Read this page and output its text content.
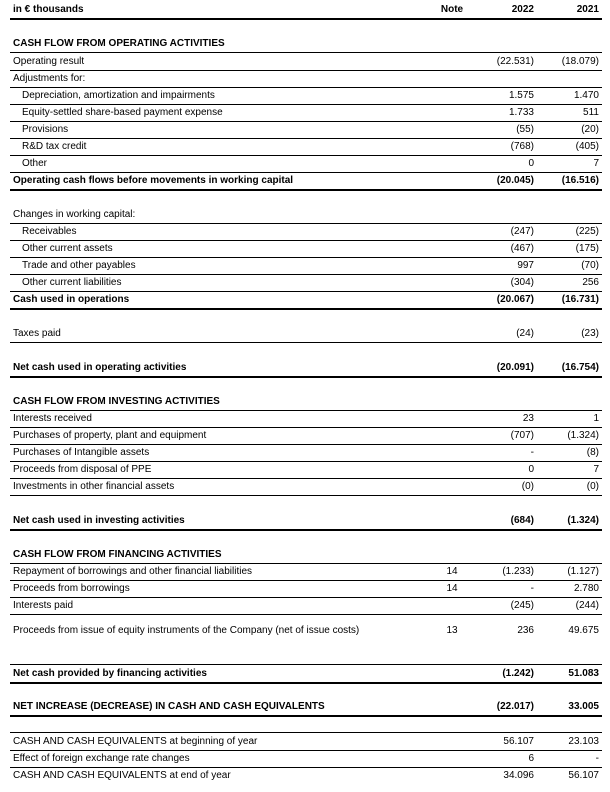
in € thousands	Note	2022	2021
CASH FLOW FROM OPERATING ACTIVITIES
Operating result	(22.531)	(18.079)
Adjustments for:
Depreciation, amortization and impairments	1.575	1.470
Equity-settled share-based payment expense	1.733	511
Provisions	(55)	(20)
R&D tax credit	(768)	(405)
Other	0	7
Operating cash flows before movements in working capital	(20.045)	(16.516)
Changes in working capital:
Receivables	(247)	(225)
Other current assets	(467)	(175)
Trade and other payables	997	(70)
Other current liabilities	(304)	256
Cash used in operations	(20.067)	(16.731)
Taxes paid	(24)	(23)
Net cash used in operating activities	(20.091)	(16.754)
CASH FLOW FROM INVESTING ACTIVITIES
Interests received	23	1
Purchases of property, plant and equipment	(707)	(1.324)
Purchases of Intangible assets	-	(8)
Proceeds from disposal of PPE	0	7
Investments in other financial assets	(0)	(0)
Net cash used in investing activities	(684)	(1.324)
CASH FLOW FROM FINANCING ACTIVITIES
Repayment of borrowings and other financial liabilities	14	(1.233)	(1.127)
Proceeds from borrowings	14	-	2.780
Interests paid	(245)	(244)
Proceeds from issue of equity instruments of the Company (net of issue costs)	13	236	49.675
Net cash provided by financing activities	(1.242)	51.083
NET INCREASE (DECREASE) IN CASH AND CASH EQUIVALENTS	(22.017)	33.005
CASH AND CASH EQUIVALENTS at beginning of year	56.107	23.103
Effect of foreign exchange rate changes	6	-
CASH AND CASH EQUIVALENTS at end of year	34.096	56.107
